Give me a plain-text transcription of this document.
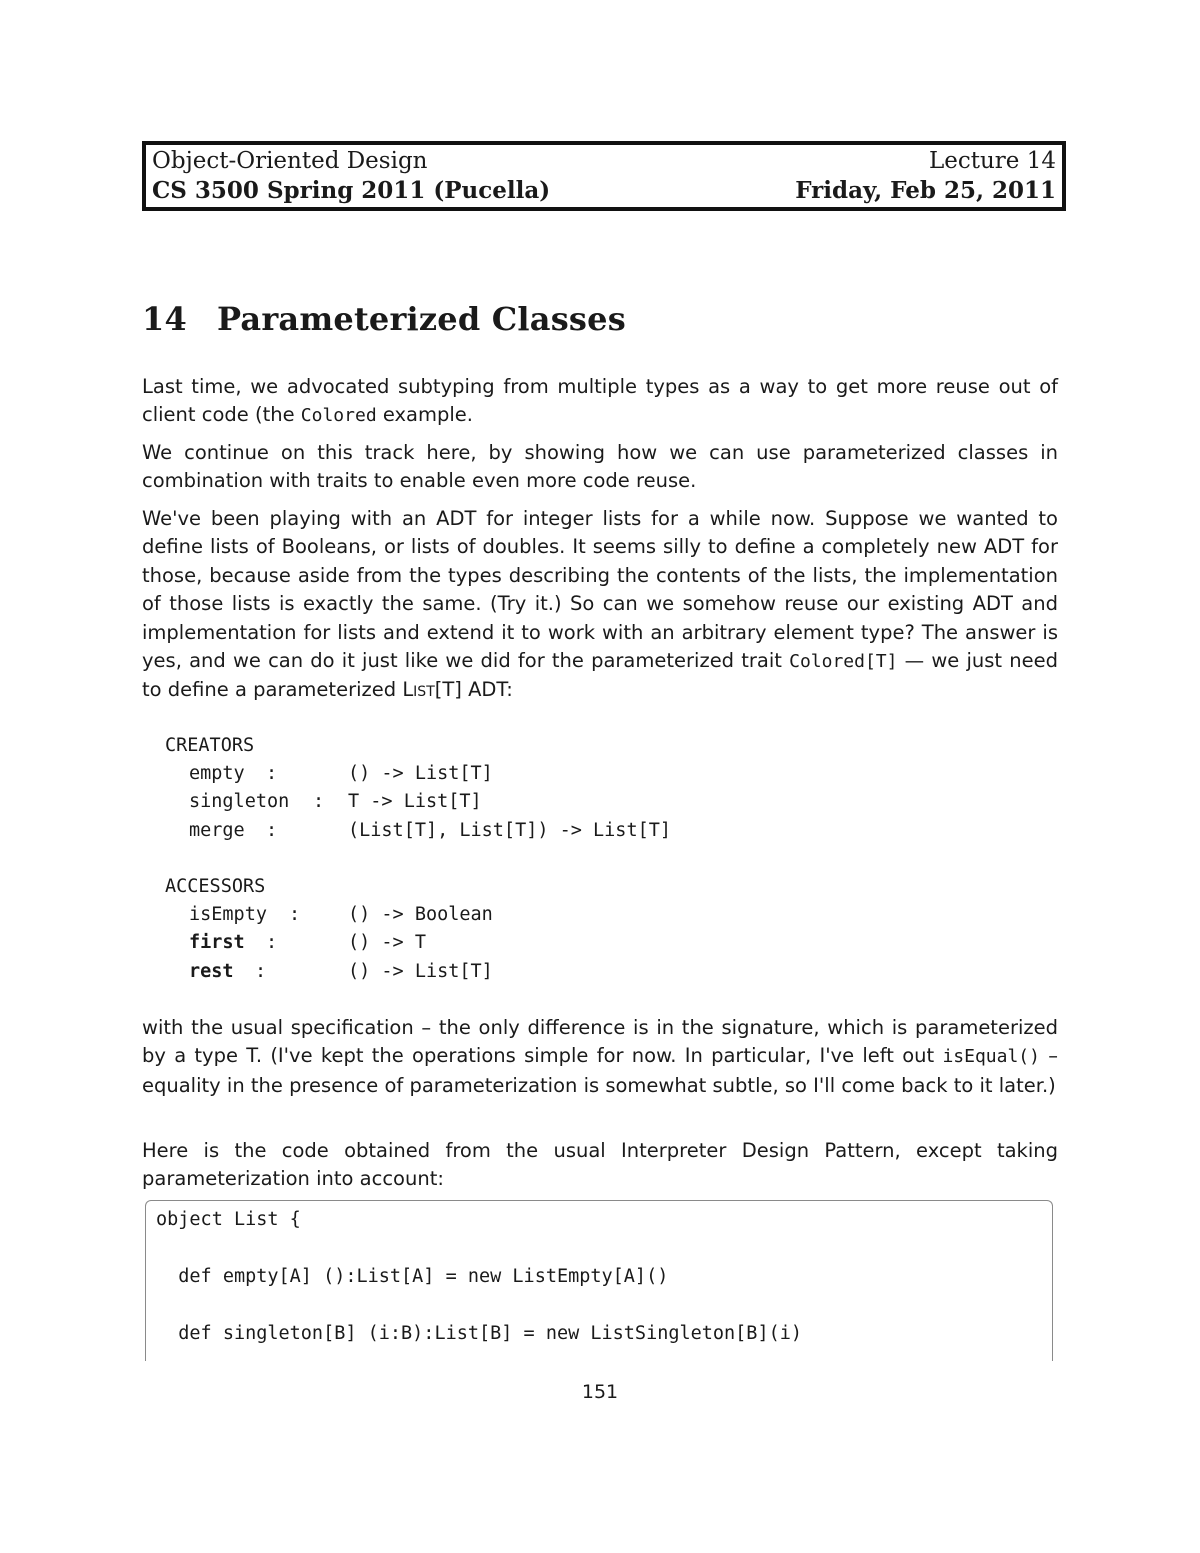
Object-Oriented Design	Lecture 14
CS 3500 Spring 2011 (Pucella)	Friday, Feb 25, 2011
14 Parameterized Classes

Last time, we advocated subtyping from multiple types as a way to get more reuse out of client code (the Colored example.

We continue on this track here, by showing how we can use parameterized classes in combination with traits to enable even more code reuse.

We've been playing with an ADT for integer lists for a while now. Suppose we wanted to define lists of Booleans, or lists of doubles. It seems silly to define a completely new ADT for those, because aside from the types describing the contents of the lists, the implementation of those lists is exactly the same. (Try it.) So can we somehow reuse our existing ADT and implementation for lists and extend it to work with an arbitrary element type? The answer is yes, and we can do it just like we did for the parameterized trait Colored[T] — we just need to define a parameterized List[T] ADT:

CREATORS
empty :	() -> List[T]
singleton : T -> List[T]
merge :	(List[T], List[T]) -> List[T]
ACCESSORS
isEmpty :	() -> Boolean
first :	() -> T
rest :	() -> List[T]

with the usual specification – the only difference is in the signature, which is parameterized by a type T. (I've kept the operations simple for now. In particular, I've left out isEqual() – equality in the presence of parameterization is somewhat subtle, so I'll come back to it later.)

Here is the code obtained from the usual Interpreter Design Pattern, except taking parameterization into account:

object List {
def empty[A] ():List[A] = new ListEmpty[A]()
def singleton[B] (i:B):List[B] = new ListSingleton[B](i)
151
